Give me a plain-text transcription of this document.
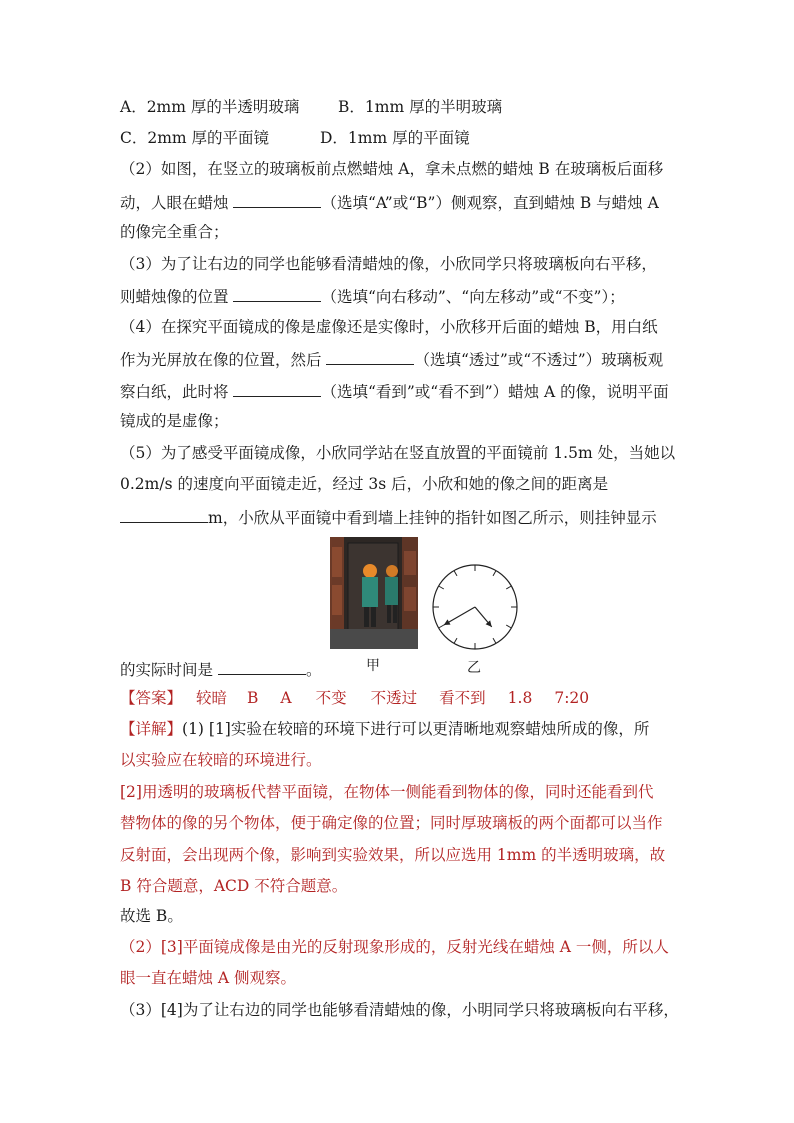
A．2mm 厚的半透明玻璃 B．1mm 厚的半明玻璃
C．2mm 厚的平面镜	D．1mm 厚的平面镜
（2）如图，在竖立的玻璃板前点燃蜡烛 A，拿未点燃的蜡烛 B 在玻璃板后面移
动，人眼在蜡烛	（选填“A”或“B”）侧观察，直到蜡烛 B 与蜡烛 A
的像完全重合；
（3）为了让右边的同学也能够看清蜡烛的像，小欣同学只将玻璃板向右平移，
则蜡烛像的位置	（选填“向右移动”、“向左移动”或“不变”）；
（4）在探究平面镜成的像是虚像还是实像时，小欣移开后面的蜡烛 B，用白纸
作为光屏放在像的位置，然后	（选填“透过”或“不透过”）玻璃板观
察白纸，此时将	（选填“看到”或“看不到”）蜡烛 A 的像，说明平面
镜成的是虚像；
（5）为了感受平面镜成像，小欣同学站在竖直放置的平面镜前 1.5m 处，当她以
0.2m/s 的速度向平面镜走近，经过 3s 后，小欣和她的像之间的距离是
m，小欣从平面镜中看到墙上挂钟的指针如图乙所示，则挂钟显示
的实际时间是	。	甲	乙
【答案】 较暗 B A 不变 不透过 看不到 1.8 7:20
【详解】(1) [1]实验在较暗的环境下进行可以更清晰地观察蜡烛所成的像，所
以实验应在较暗的环境进行。
[2]用透明的玻璃板代替平面镜，在物体一侧能看到物体的像，同时还能看到代
替物体的像的另个物体，便于确定像的位置；同时厚玻璃板的两个面都可以当作
反射面，会出现两个像，影响到实验效果，所以应选用 1mm 的半透明玻璃，故
B 符合题意，ACD 不符合题意。
故选 B。
（2）[3]平面镜成像是由光的反射现象形成的，反射光线在蜡烛 A 一侧，所以人
眼一直在蜡烛 A 侧观察。
（3）[4]为了让右边的同学也能够看清蜡烛的像，小明同学只将玻璃板向右平移，
